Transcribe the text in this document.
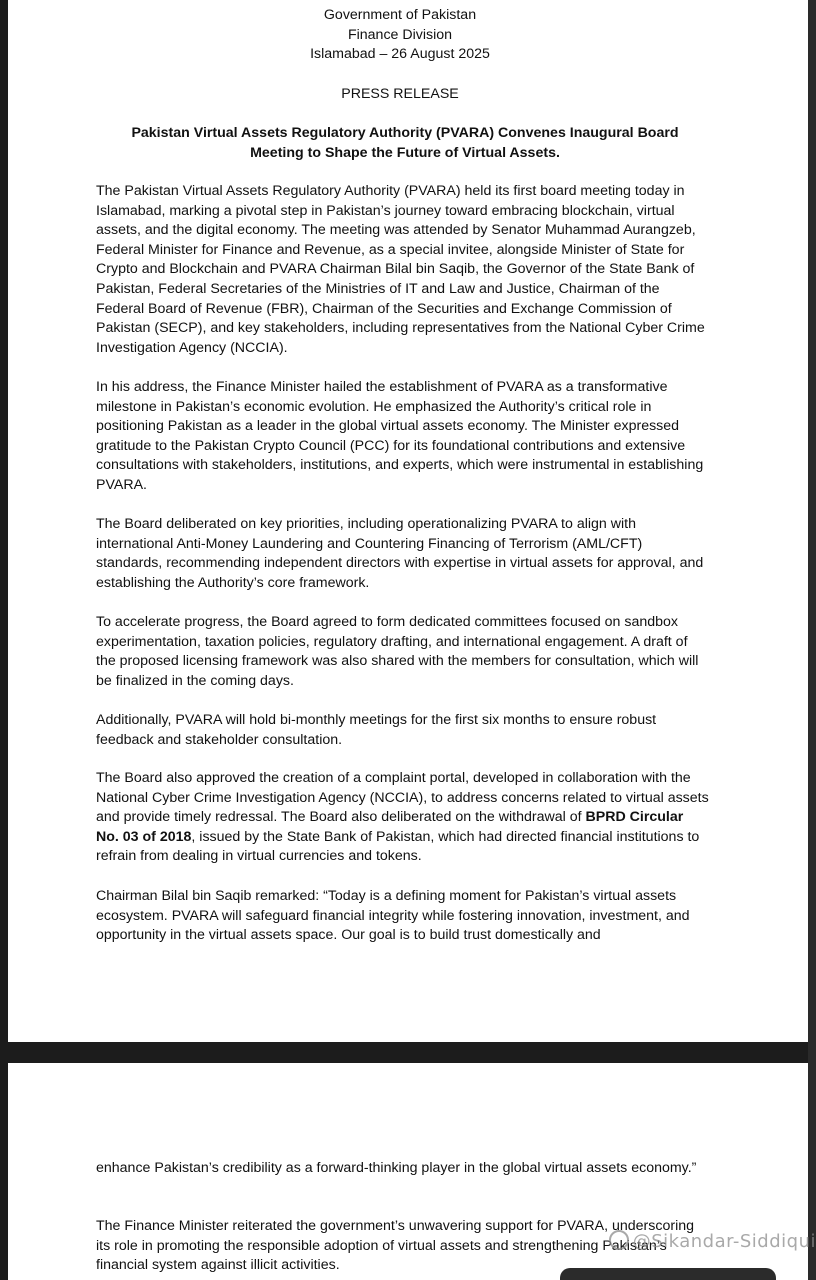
Government of Pakistan
Finance Division
Islamabad – 26 August 2025
PRESS RELEASE
Pakistan Virtual Assets Regulatory Authority (PVARA) Convenes Inaugural Board
Meeting to Shape the Future of Virtual Assets.

The Pakistan Virtual Assets Regulatory Authority (PVARA) held its first board meeting today in Islamabad, marking a pivotal step in Pakistan’s journey toward embracing blockchain, virtual assets, and the digital economy. The meeting was attended by Senator Muhammad Aurangzeb, Federal Minister for Finance and Revenue, as a special invitee, alongside Minister of State for Crypto and Blockchain and PVARA Chairman Bilal bin Saqib, the Governor of the State Bank of Pakistan, Federal Secretaries of the Ministries of IT and Law and Justice, Chairman of the Federal Board of Revenue (FBR), Chairman of the Securities and Exchange Commission of Pakistan (SECP), and key stakeholders, including representatives from the National Cyber Crime Investigation Agency (NCCIA).

In his address, the Finance Minister hailed the establishment of PVARA as a transformative milestone in Pakistan’s economic evolution. He emphasized the Authority’s critical role in positioning Pakistan as a leader in the global virtual assets economy. The Minister expressed gratitude to the Pakistan Crypto Council (PCC) for its foundational contributions and extensive consultations with stakeholders, institutions, and experts, which were instrumental in establishing PVARA.

The Board deliberated on key priorities, including operationalizing PVARA to align with international Anti-Money Laundering and Countering Financing of Terrorism (AML/CFT) standards, recommending independent directors with expertise in virtual assets for approval, and establishing the Authority’s core framework.

To accelerate progress, the Board agreed to form dedicated committees focused on sandbox experimentation, taxation policies, regulatory drafting, and international engagement. A draft of the proposed licensing framework was also shared with the members for consultation, which will be finalized in the coming days.

Additionally, PVARA will hold bi-monthly meetings for the first six months to ensure robust feedback and stakeholder consultation.

The Board also approved the creation of a complaint portal, developed in collaboration with the National Cyber Crime Investigation Agency (NCCIA), to address concerns related to virtual assets and provide timely redressal. The Board also deliberated on the withdrawal of BPRD Circular No. 03 of 2018, issued by the State Bank of Pakistan, which had directed financial institutions to refrain from dealing in virtual currencies and tokens.

Chairman Bilal bin Saqib remarked: “Today is a defining moment for Pakistan’s virtual assets ecosystem. PVARA will safeguard financial integrity while fostering innovation, investment, and opportunity in the virtual assets space. Our goal is to build trust domestically and

enhance Pakistan’s credibility as a forward-thinking player in the global virtual assets economy.”

The Finance Minister reiterated the government’s unwavering support for PVARA, underscoring its role in promoting the responsible adoption of virtual assets and strengthening Pakistan’s financial system against illicit activities.

@Sikandar-Siddiqui
